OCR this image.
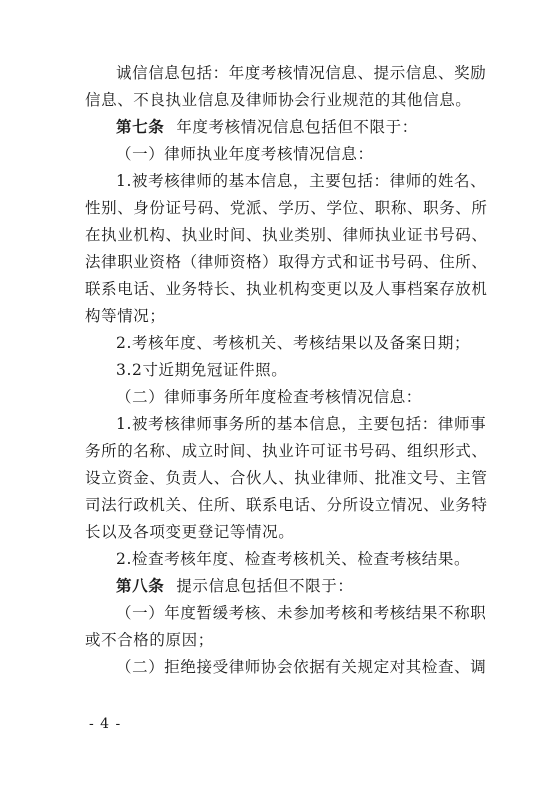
诚信信息包括：年度考核情况信息、提示信息、奖励
信息、不良执业信息及律师协会行业规范的其他信息。
第七条 年度考核情况信息包括但不限于：
（一）律师执业年度考核情况信息：
1.被考核律师的基本信息，主要包括：律师的姓名、
性别、身份证号码、党派、学历、学位、职称、职务、所
在执业机构、执业时间、执业类别、律师执业证书号码、
法律职业资格（律师资格）取得方式和证书号码、住所、
联系电话、业务特长、执业机构变更以及人事档案存放机
构等情况；
2.考核年度、考核机关、考核结果以及备案日期；
3.2寸近期免冠证件照。
（二）律师事务所年度检查考核情况信息：
1.被考核律师事务所的基本信息，主要包括：律师事
务所的名称、成立时间、执业许可证书号码、组织形式、
设立资金、负责人、合伙人、执业律师、批准文号、主管
司法行政机关、住所、联系电话、分所设立情况、业务特
长以及各项变更登记等情况。
2.检查考核年度、检查考核机关、检查考核结果。
第八条 提示信息包括但不限于：
（一）年度暂缓考核、未参加考核和考核结果不称职
或不合格的原因；
（二）拒绝接受律师协会依据有关规定对其检查、调
- 4 -
